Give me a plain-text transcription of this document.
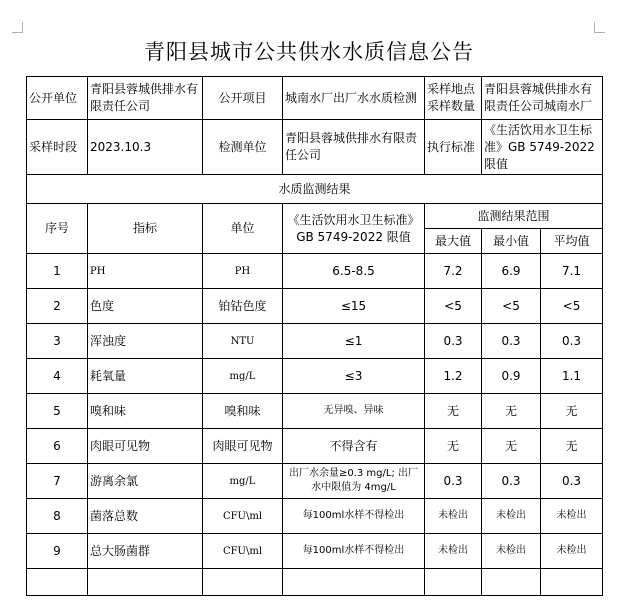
青阳县城市公共供水水质信息公告
公开单位	青阳县蓉城供排水有限责任公司	公开项目	城南水厂出厂水水质检测	采样地点 采样数量	青阳县蓉城供排水有限责任公司城南水厂	
采样时段	2023.10.3	检测单位	青阳县蓉城供排水有限责任公司	执行标准	《生活饮用水卫生标准》GB 5749-2022 限值	
水质监测结果						
序号	指标	单位	《生活饮用水卫生标准》GB 5749-2022 限值	监测结果范围		
				最大值	最小值	平均值
1	PH	PH	6.5-8.5	7.2	6.9	7.1
2	色度	铂钴色度	≤15	<5	<5	<5
3	浑浊度	NTU	≤1	0.3	0.3	0.3
4	耗氧量	mg/L	≤3	1.2	0.9	1.1
5	嗅和味	嗅和味	无异嗅、异味	无	无	无
6	肉眼可见物	肉眼可见物	不得含有	无	无	无
7	游离余氯	mg/L	出厂水余量≥0.3 mg/L; 出厂水中限值为 4mg/L	0.3	0.3	0.3
8	菌落总数	CFU\ml	每100ml水样不得检出	未检出	未检出	未检出
9	总大肠菌群	CFU\ml	每100ml水样不得检出	未检出	未检出	未检出
